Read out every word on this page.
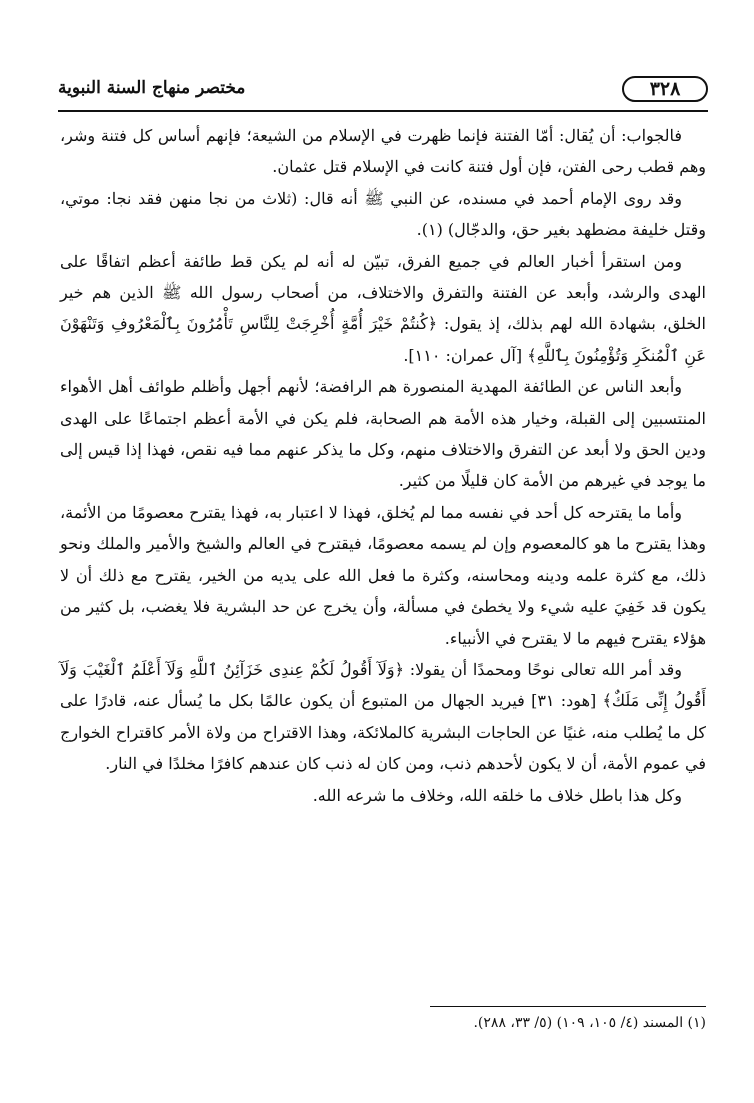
٣٢٨
مختصر منهاج السنة النبوية

فالجواب: أن يُقال: أمّا الفتنة فإنما ظهرت في الإسلام من الشيعة؛ فإنهم أساس كل فتنة وشر، وهم قطب رحى الفتن، فإن أول فتنة كانت في الإسلام قتل عثمان.

وقد روى الإمام أحمد في مسنده، عن النبي ﷺ أنه قال: (ثلاث من نجا منهن فقد نجا: موتي، وقتل خليفة مضطهد بغير حق، والدجّال) (١).

ومن استقرأ أخبار العالم في جميع الفرق، تبيّن له أنه لم يكن قط طائفة أعظم اتفاقًا على الهدى والرشد، وأبعد عن الفتنة والتفرق والاختلاف، من أصحاب رسول الله ﷺ الذين هم خير الخلق، بشهادة الله لهم بذلك، إذ يقول: ﴿كُنتُمْ خَيْرَ أُمَّةٍ أُخْرِجَتْ لِلنَّاسِ تَأْمُرُونَ بِٱلْمَعْرُوفِ وَتَنْهَوْنَ عَنِ ٱلْمُنكَرِ وَتُؤْمِنُونَ بِٱللَّهِ﴾ [آل عمران: ١١٠].

وأبعد الناس عن الطائفة المهدية المنصورة هم الرافضة؛ لأنهم أجهل وأظلم طوائف أهل الأهواء المنتسبين إلى القبلة، وخيار هذه الأمة هم الصحابة، فلم يكن في الأمة أعظم اجتماعًا على الهدى ودين الحق ولا أبعد عن التفرق والاختلاف منهم، وكل ما يذكر عنهم مما فيه نقص، فهذا إذا قيس إلى ما يوجد في غيرهم من الأمة كان قليلًا من كثير.

وأما ما يقترحه كل أحد في نفسه مما لم يُخلق، فهذا لا اعتبار به، فهذا يقترح معصومًا من الأئمة، وهذا يقترح ما هو كالمعصوم وإن لم يسمه معصومًا، فيقترح في العالم والشيخ والأمير والملك ونحو ذلك، مع كثرة علمه ودينه ومحاسنه، وكثرة ما فعل الله على يديه من الخير، يقترح مع ذلك أن لا يكون قد خَفِيَ عليه شيء ولا يخطئ في مسألة، وأن يخرج عن حد البشرية فلا يغضب، بل كثير من هؤلاء يقترح فيهم ما لا يقترح في الأنبياء.

وقد أمر الله تعالى نوحًا ومحمدًا أن يقولا: ﴿وَلَآ أَقُولُ لَكُمْ عِندِى خَزَآئِنُ ٱللَّهِ وَلَآ أَعْلَمُ ٱلْغَيْبَ وَلَآ أَقُولُ إِنِّى مَلَكٌ﴾ [هود: ٣١] فيريد الجهال من المتبوع أن يكون عالمًا بكل ما يُسأل عنه، قادرًا على كل ما يُطلب منه، غنيًا عن الحاجات البشرية كالملائكة، وهذا الاقتراح من ولاة الأمر كاقتراح الخوارج في عموم الأمة، أن لا يكون لأحدهم ذنب، ومن كان له ذنب كان عندهم كافرًا مخلدًا في النار.

وكل هذا باطل خلاف ما خلقه الله، وخلاف ما شرعه الله.

(١) المسند (٤/ ١٠٥، ١٠٩) (٥/ ٣٣، ٢٨٨).
